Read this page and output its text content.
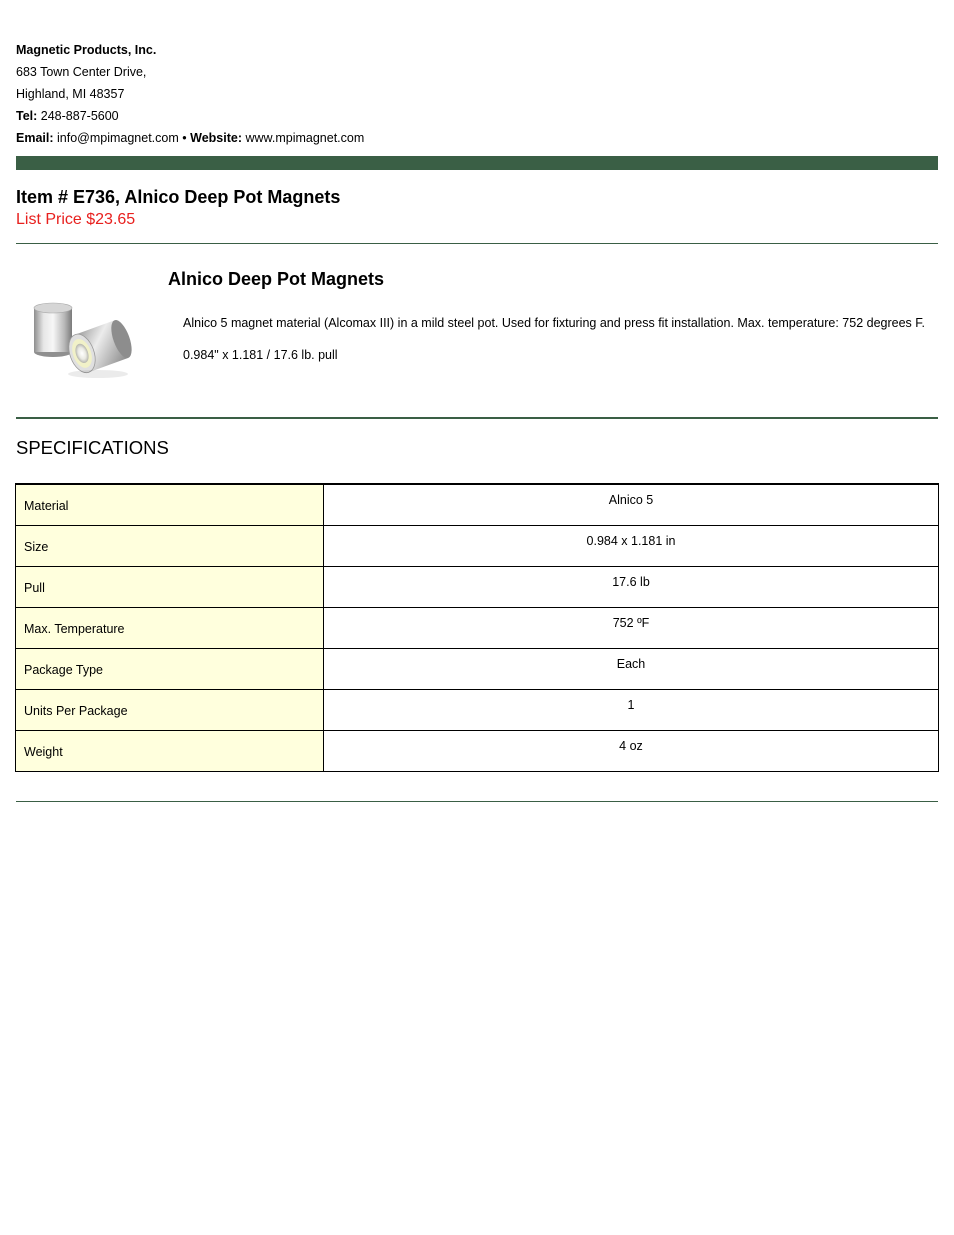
Magnetic Products, Inc.
683 Town Center Drive,
Highland, MI 48357
Tel: 248-887-5600
Email: info@mpimagnet.com • Website: www.mpimagnet.com
Item # E736, Alnico Deep Pot Magnets
List Price $23.65
Alnico Deep Pot Magnets
Alnico 5 magnet material (Alcomax III) in a mild steel pot. Used for fixturing and press fit installation. Max. temperature: 752 degrees F.
0.984" x 1.181 / 17.6 lb. pull
SPECIFICATIONS
Material	Alnico 5
Size	0.984 x 1.181 in
Pull	17.6 lb
Max. Temperature	752 ºF
Package Type	Each
Units Per Package	1
Weight	4 oz
